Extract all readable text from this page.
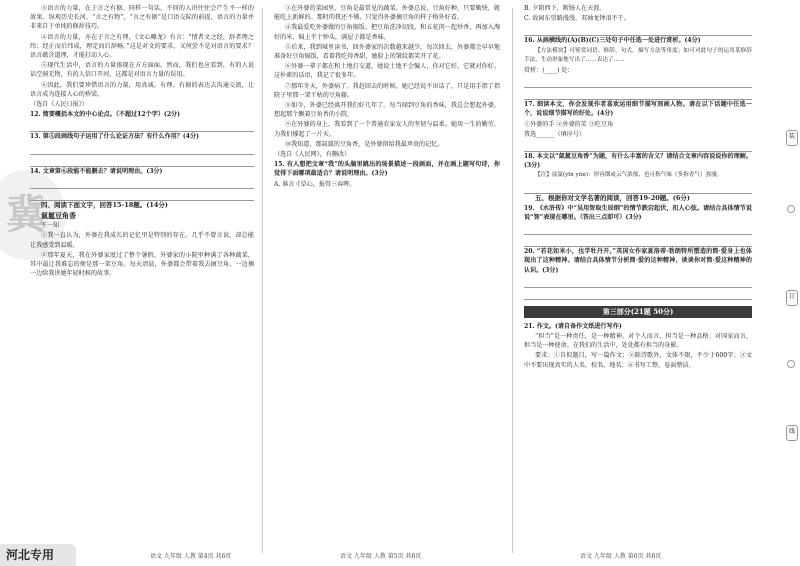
冀

③语言的力量，在于言之有据。同样一句话，不同的人讲往往会产生不一样的效果。纵观历史长河，“言之有物”，“言之有据”是口语交际的前提，语言的力量并非来自于单纯的修辞技巧。

④语言的力量，亦在于言之有理。《文心雕龙》有言：“情者文之经，辞者理之纬；经正而后纬成，理定而后辞畅。”这是对文的要求，又何尝不是对语言的要求？语言蕴含道理，才能打动人心。

⑤现代生活中，语言的力量体现在方方面面。然而，我们也应看到，有的人说话空洞无物，有的人信口开河，这都是对语言力量的误用。

⑥因此，我们要珍惜语言的力量，用真诚、有理、有据的表达去沟通交流，让语言成为连接人心的桥梁。

（选自《人民日报》）

12. 简要概括本文的中心论点。（不超过12个字）(2分)

13. 第⑤段画线句子运用了什么论证方法？有什么作用？(4分)

14. 文章第⑥段能不能删去？请说明理由。(3分)

四、阅读下面文字，回答15-18题。(14分)

氤氲豆角香

王一知

①我一直认为，外婆在我成长的记忆里是特别的存在。几乎不曾言说，却总能让我感受到温暖。

②那年夏天，我在外婆家度过了整个暑假。外婆家的小院里种满了各种蔬菜，其中最让我难忘的便是那一架豆角。每天清晨，外婆都会带着我去摘豆角，一边摘一边给我讲她年轻时候的故事。

③在外婆的菜园里，豆角是最常见的蔬菜。外婆总说，豆角好种，只要勤快，就能吃上新鲜的。那时的我还不懂，只觉得外婆摘豆角的样子格外好看。

④我最爱吃外婆做的豆角焖饭。把豆角洗净切段，和五花肉一起炒香，再加入淘好的米，焖上半个钟头，满屋子都是香味。

⑤后来，我到城里读书，回外婆家的次数越来越少。每次回去，外婆都会早早地准备好豆角焖饭，看着我吃得香甜，她脸上的皱纹都笑开了花。

⑥外婆一辈子都在和土地打交道，她说土地不会骗人，你对它好，它就对你好。这朴素的话语，我记了很多年。

⑦那年冬天，外婆病了。我赶回去的时候，她已经说不出话了，只是用手指了指院子里那一架干枯的豆角藤。

⑧如今，外婆已经离开我们好几年了。每当闻到豆角的香味，我总会想起外婆，想起那个飘着豆角香的小院。

⑨在外婆的身上，我看到了一个普通农家女人的坚韧与温柔。她用一生的勤劳，为我们撑起了一片天。

⑩我知道，那氤氲的豆角香，是外婆留给我最珍贵的记忆。

（选自《人民网》，有删改）

15. 有人想把文章“我”的头脑里跳出的场景描述一段画面，并在画上题写句诗，你觉得下面哪项最适合？请说明理由。(3分)

A. 谁言寸草心，报得三春晖。

B. 夕阳西下，断肠人在天涯。

C. 故园东望路漫漫，双袖龙钟泪不干。

16. 从画横线的(A)(B)(C)三处句子中任选一处进行赏析。(4分)

【方法模块】可鉴赏词语、修辞、句式、描写方法等角度；如可对此句子的运用某修辞手法，生动形象地写出了……表达了……

赏析：(____) 处：

17. 细读本文，你会发现作者喜欢运用细节描写刻画人物。请在以下话题中任选一个，说说细节描写的好处。(4分)

①外婆的手 ②外婆的笑 ③吃豆角

我选______（填序号）

18. 本文以“氤氲豆角香”为题，有什么丰富的含义？请结合文章内容说说你的理解。(3分)

【注】氤氲(yīn yūn)：形容烟或云气浓郁，也可指气味（多指香气）弥漫。

五、根据你对文学名著的阅读，回答19-20题。(6分)

19. 《水浒传》中“吴用智取生辰纲”的情节跌宕起伏，扣人心弦。请结合具体情节说说“智”表现在哪里。（答出三点即可）(3分)

20. “若花如米小，也学牡丹开。”英国女作家夏洛蒂·勃朗特所塑造的简·爱身上也体现出了这种精神。请结合具体情节分析简·爱的这种精神，谈谈你对简·爱这种精神的认识。(3分)

第三部分(21题 50分)

21. 作文。(请自备作文纸进行写作)

“担当”是一种责任，是一种精神。对个人而言，担当是一种品格；对国家而言，担当是一种使命。在我们的生活中，处处都有担当的身影。

要求：①自拟题目，写一篇作文；②除诗歌外，文体不限，不少于600字；③文中不要出现真实的人名、校名、地名；④书写工整，卷面整洁。

装
订
线
语文 九年级 人教 第4页 共6页	语文 九年级 人教 第5页 共6页	语文 九年级 人教 第6页 共6页
河北专用
